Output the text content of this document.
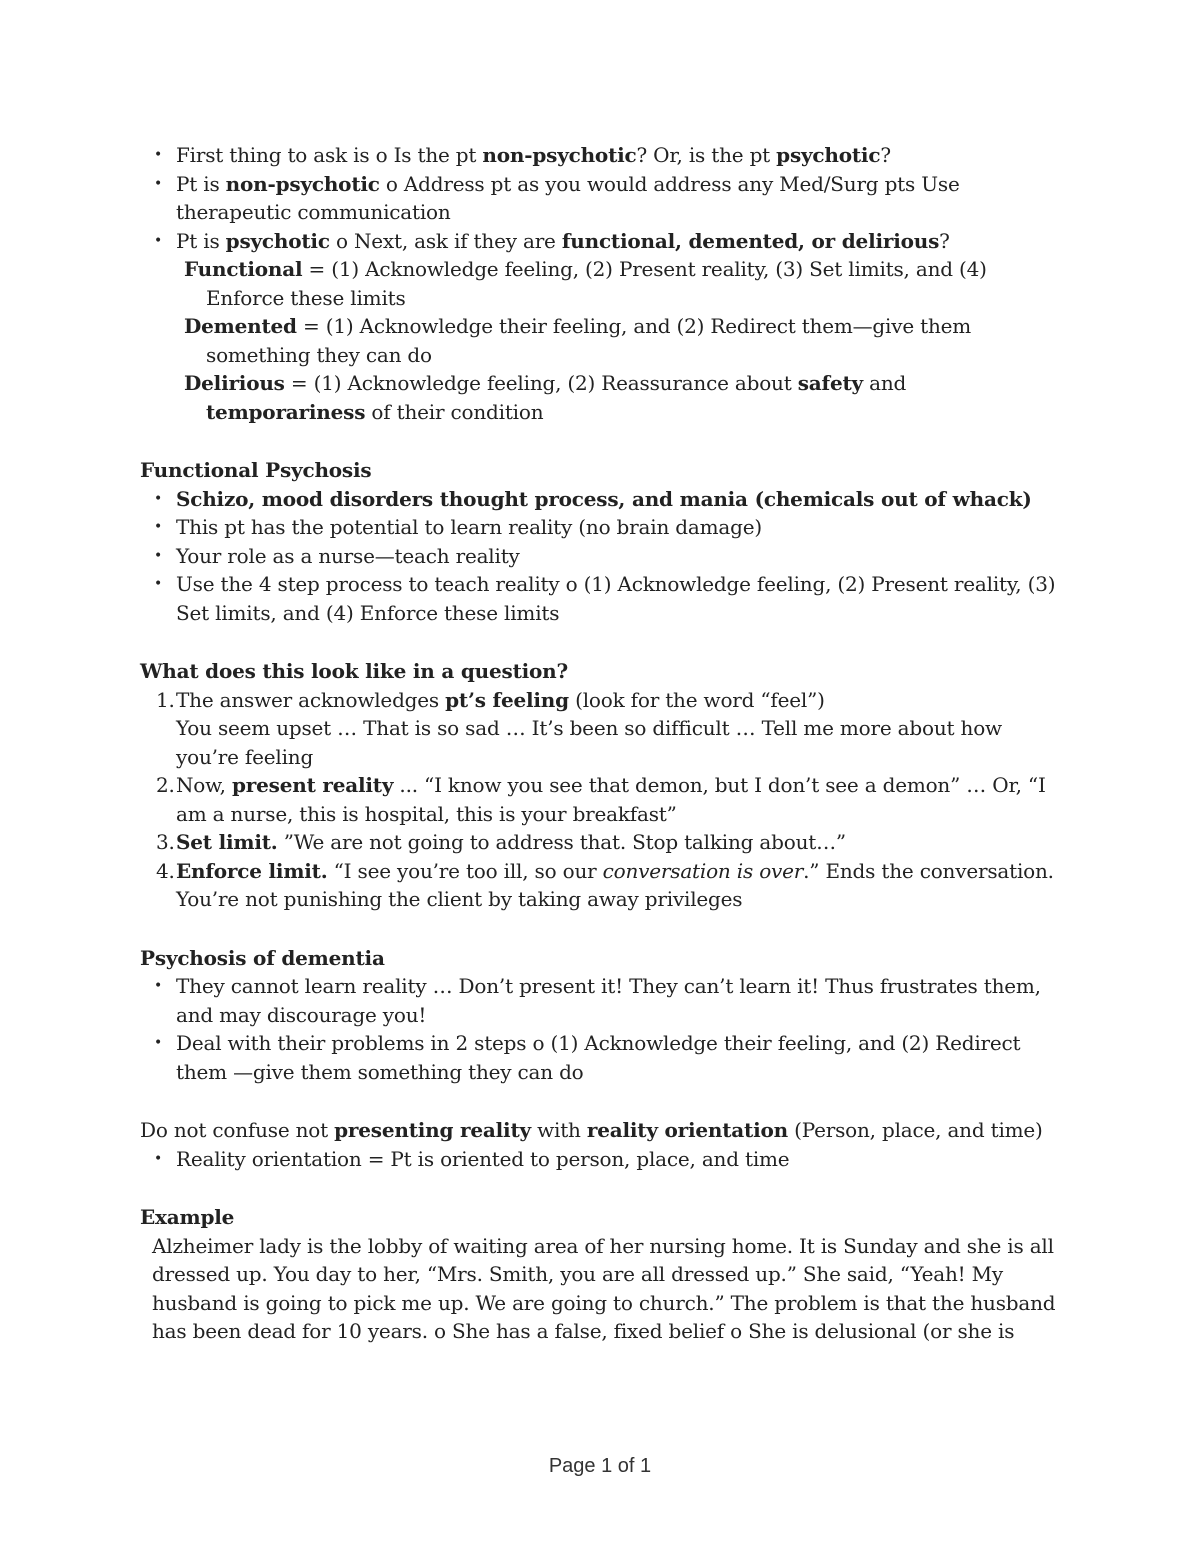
• First thing to ask is o Is the pt non-psychotic? Or, is the pt psychotic?
• Pt is non-psychotic o Address pt as you would address any Med/Surg pts Use therapeutic communication
• Pt is psychotic o Next, ask if they are functional, demented, or delirious?
Functional = (1) Acknowledge feeling, (2) Present reality, (3) Set limits, and (4) Enforce these limits
Demented = (1) Acknowledge their feeling, and (2) Redirect them—give them something they can do
Delirious = (1) Acknowledge feeling, (2) Reassurance about safety and temporariness of their condition
Functional Psychosis
• Schizo, mood disorders thought process, and mania (chemicals out of whack)
• This pt has the potential to learn reality (no brain damage)
• Your role as a nurse—teach reality
• Use the 4 step process to teach reality o (1) Acknowledge feeling, (2) Present reality, (3) Set limits, and (4) Enforce these limits
What does this look like in a question?
1. The answer acknowledges pt’s feeling (look for the word “feel”)
You seem upset … That is so sad … It’s been so difficult … Tell me more about how you’re feeling
2. Now, present reality ... “I know you see that demon, but I don’t see a demon” … Or, “I am a nurse, this is hospital, this is your breakfast”
3. Set limit. ”We are not going to address that. Stop talking about…”
4. Enforce limit. “I see you’re too ill, so our conversation is over.” Ends the conversation.
You’re not punishing the client by taking away privileges
Psychosis of dementia
• They cannot learn reality … Don’t present it! They can’t learn it! Thus frustrates them, and may discourage you!
• Deal with their problems in 2 steps o (1) Acknowledge their feeling, and (2) Redirect them —give them something they can do
Do not confuse not presenting reality with reality orientation (Person, place, and time)
• Reality orientation = Pt is oriented to person, place, and time
Example
Alzheimer lady is the lobby of waiting area of her nursing home. It is Sunday and she is all dressed up. You day to her, “Mrs. Smith, you are all dressed up.” She said, “Yeah! My husband is going to pick me up. We are going to church.” The problem is that the husband has been dead for 10 years. o She has a false, fixed belief o She is delusional (or she is
Page 1 of 1
